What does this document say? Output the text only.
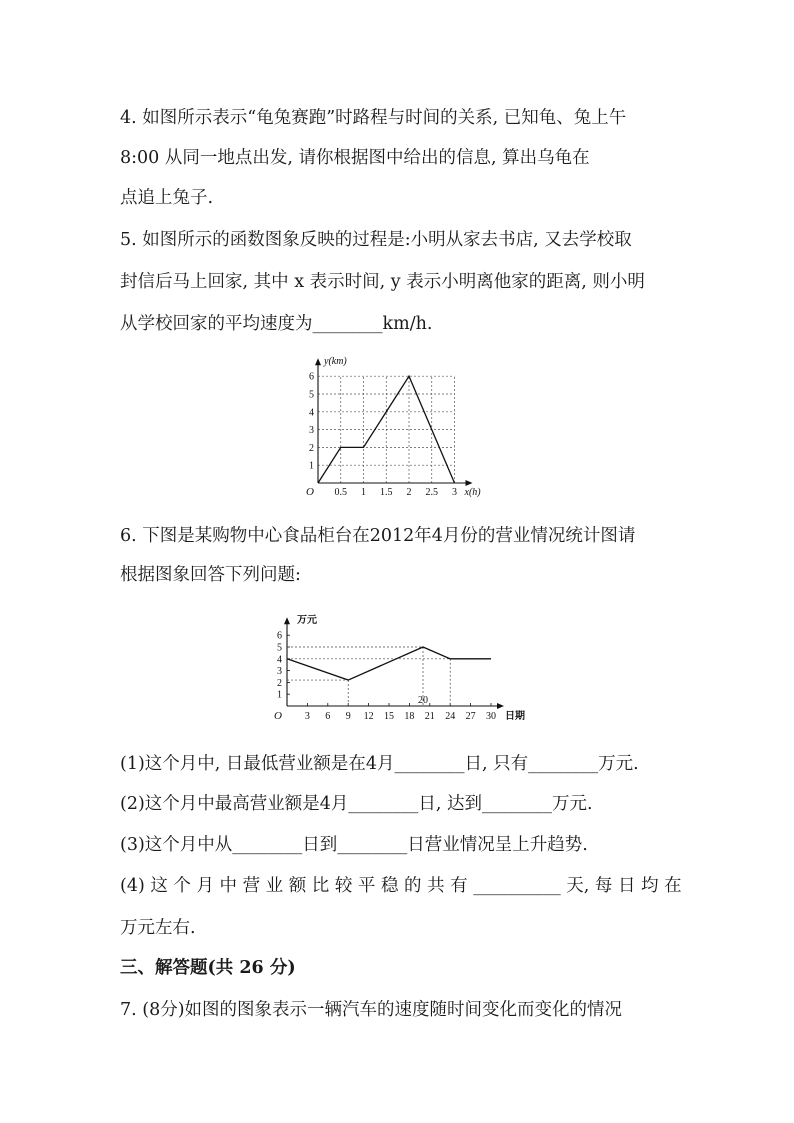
4. 如图所示表示“龟兔赛跑”时路程与时间的关系, 已知龟、兔上午
8:00 从同一地点出发, 请你根据图中给出的信息, 算出乌龟在
点追上兔子.
5. 如图所示的函数图象反映的过程是:小明从家去书店, 又去学校取
封信后马上回家, 其中 x 表示时间, y 表示小明离他家的距离, 则小明
从学校回家的平均速度为________km/h.
0.5 1 1.5 2 2.5 3
1
2
3
4
5
6
O	x(h)
y(km)
6. 下图是某购物中心食品柜台在2012年4月份的营业情况统计图请
根据图象回答下列问题:
3 6 9 12 15 18 21 24 27 30
1
2
3
4
5
6
O	日期
万元
20
(1)这个月中, 日最低营业额是在4月________日, 只有________万元.
(2)这个月中最高营业额是4月________日, 达到________万元.
(3)这个月中从________日到________日营业情况呈上升趋势.
(4) 这 个 月 中 营 业 额 比 较 平 稳 的 共 有 __________ 天, 每 日 均 在
万元左右.
三、解答题(共 26 分)
7. (8分)如图的图象表示一辆汽车的速度随时间变化而变化的情况
